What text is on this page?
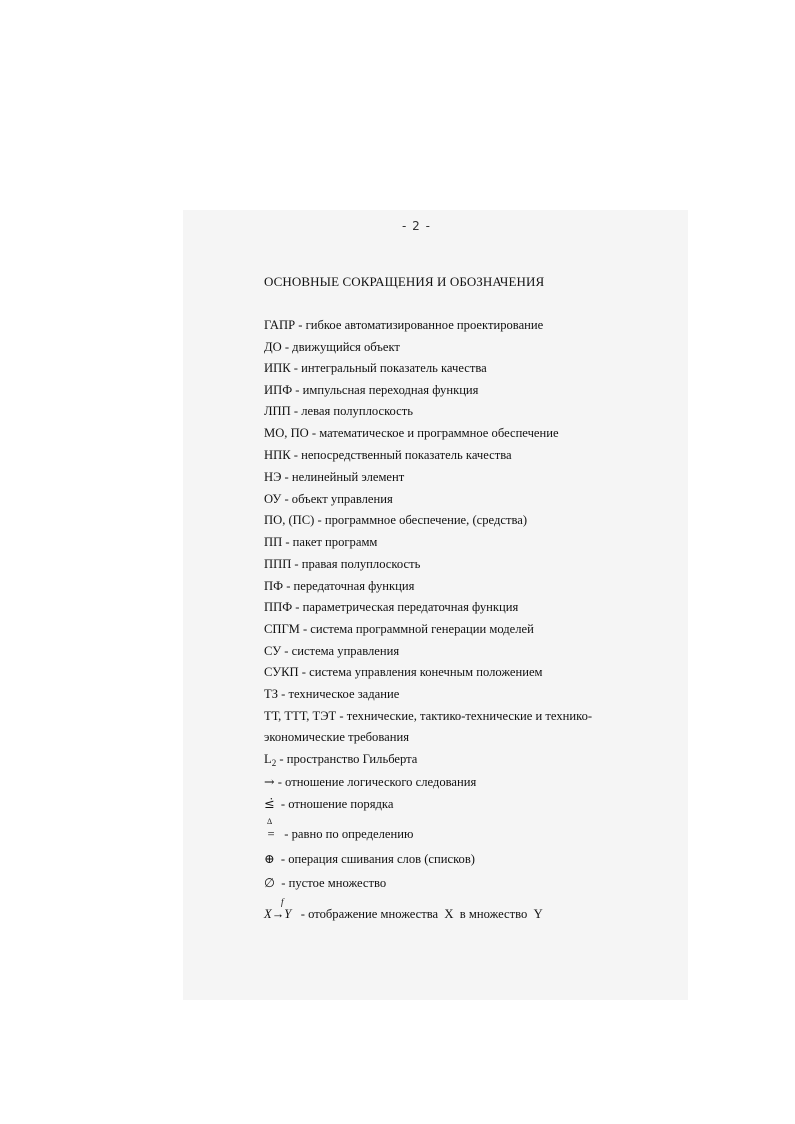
- 2 -
ОСНОВНЫЕ СОКРАЩЕНИЯ И ОБОЗНАЧЕНИЯ
ГАПР - гибкое автоматизированное проектирование
ДО - движущийся объект
ИПК - интегральный показатель качества
ИПФ - импульсная переходная функция
ЛПП - левая полуплоскость
МО, ПО - математическое и программное обеспечение
НПК - непосредственный показатель качества
НЭ - нелинейный элемент
ОУ - объект управления
ПО, (ПС) - программное обеспечение, (средства)
ПП - пакет программ
ППП - правая полуплоскость
ПФ - передаточная функция
ППФ - параметрическая передаточная функция
СПГМ - система программной генерации моделей
СУ - система управления
СУКП - система управления конечным положением
ТЗ - техническое задание
ТТ, ТТТ, ТЭТ - технические, тактико-технические и технико-
экономические требования
$L_2$ - пространство Гильберта
→ - отношение логического следования
≤̇ - отношение порядка
Δ
= - равно по определению
⊕ - операция сшивания слов (списков)
∅ - пустое множество
X
f
→Y - отображение множества  X  в множество  Y
